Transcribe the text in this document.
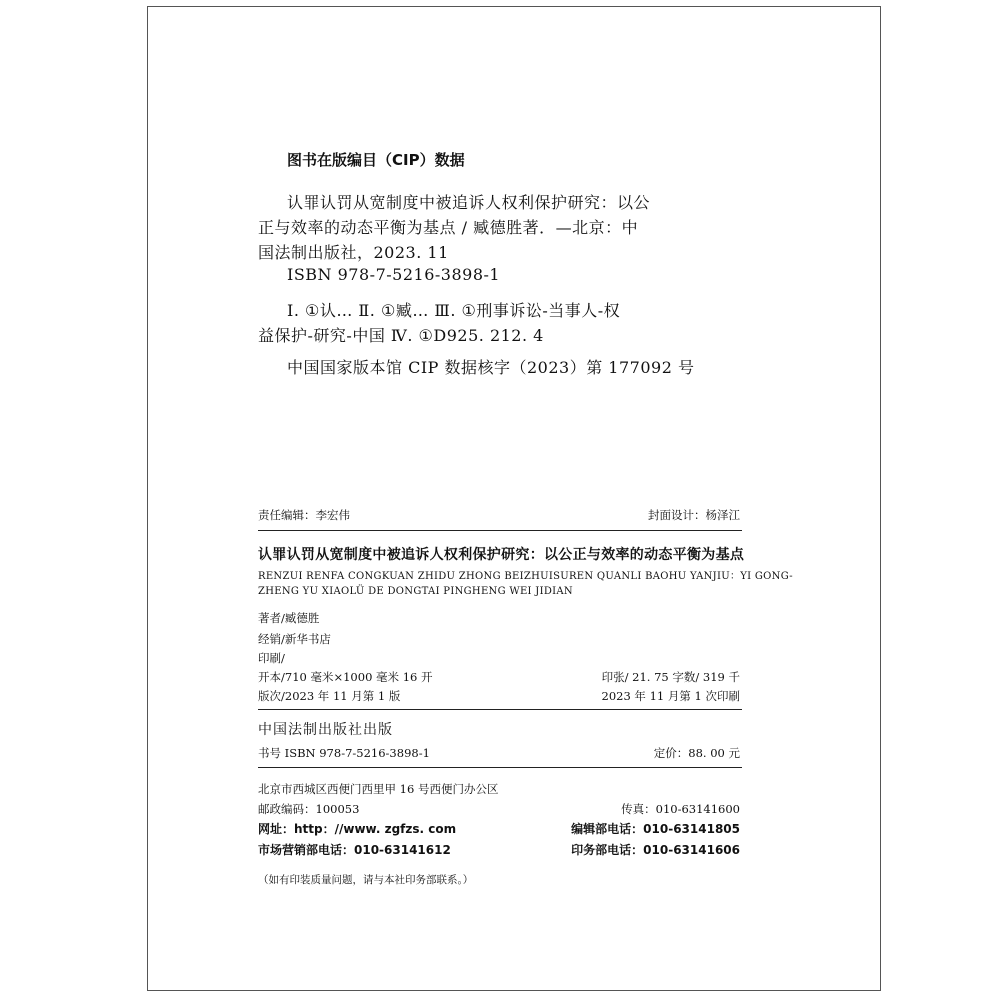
图书在版编目（CIP）数据
认罪认罚从宽制度中被追诉人权利保护研究：以公
正与效率的动态平衡为基点 / 臧德胜著．—北京：中
国法制出版社，2023. 11
ISBN 978-7-5216-3898-1
Ⅰ. ①认… Ⅱ. ①臧… Ⅲ. ①刑事诉讼-当事人-权
益保护-研究-中国 Ⅳ. ①D925. 212. 4
中国国家版本馆 CIP 数据核字（2023）第 177092 号
责任编辑：李宏伟	封面设计：杨泽江
认罪认罚从宽制度中被追诉人权利保护研究：以公正与效率的动态平衡为基点
RENZUI RENFA CONGKUAN ZHIDU ZHONG BEIZHUISUREN QUANLI BAOHU YANJIU：YI GONG-
ZHENG YU XIAOLÜ DE DONGTAI PINGHENG WEI JIDIAN
著者/臧德胜
经销/新华书店
印刷/
开本/710 毫米×1000 毫米 16 开	印张/ 21. 75 字数/ 319 千
版次/2023 年 11 月第 1 版	2023 年 11 月第 1 次印刷
中国法制出版社出版
书号 ISBN 978-7-5216-3898-1	定价：88. 00 元
北京市西城区西便门西里甲 16 号西便门办公区
邮政编码：100053	传真：010-63141600
网址：http：//www. zgfzs. com	编辑部电话：010-63141805
市场营销部电话：010-63141612	印务部电话：010-63141606
（如有印装质量问题，请与本社印务部联系。）
